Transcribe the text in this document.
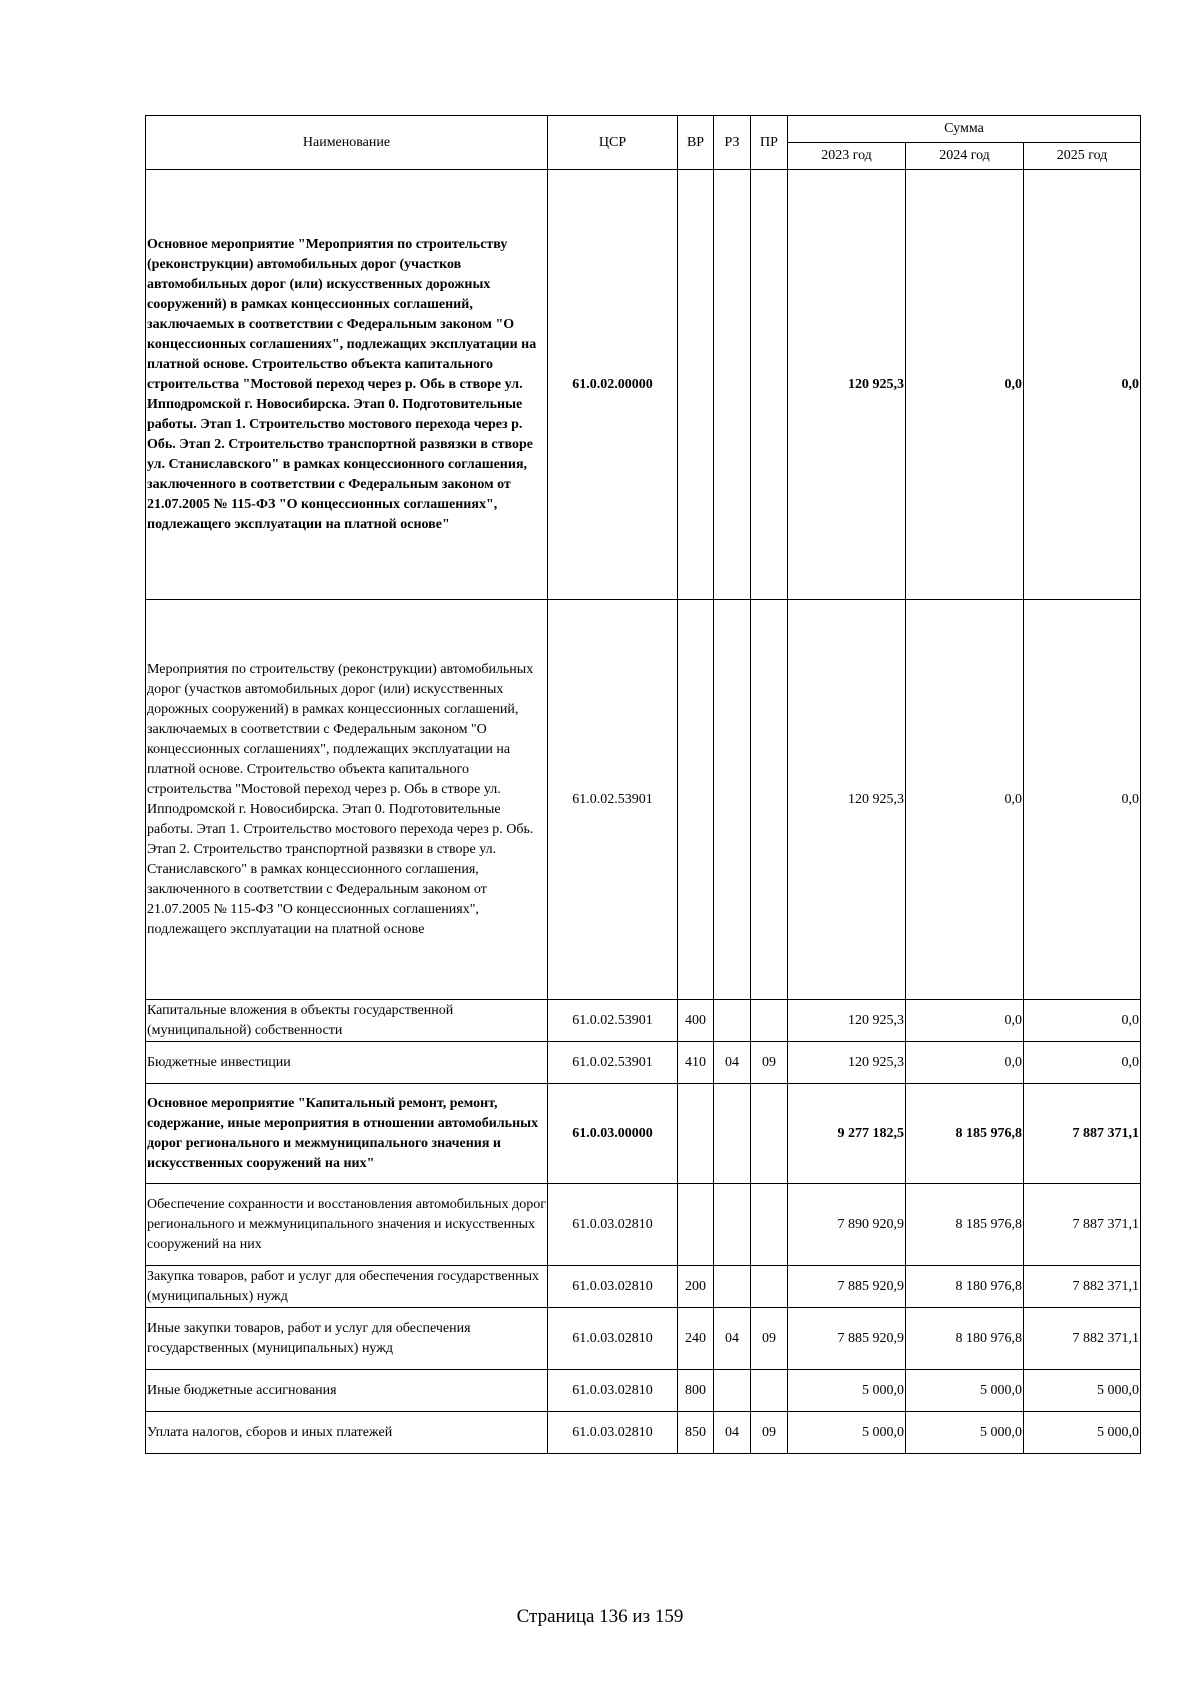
Наименование	ЦСР	ВР	РЗ	ПР	Сумма		
					2023 год	2024 год	2025 год
Основное мероприятие "Мероприятия по строительству (реконструкции) автомобильных дорог (участков автомобильных дорог (или) искусственных дорожных сооружений) в рамках концессионных соглашений, заключаемых в соответствии с Федеральным законом "О концессионных соглашениях", подлежащих эксплуатации на платной основе. Строительство объекта капитального строительства "Мостовой переход через р. Обь в створе ул. Ипподромской г. Новосибирска. Этап 0. Подготовительные работы. Этап 1. Строительство мостового перехода через р. Обь. Этап 2. Строительство транспортной развязки в створе ул. Станиславского" в рамках концессионного соглашения, заключенного в соответствии с Федеральным законом от 21.07.2005 № 115-ФЗ "О концессионных соглашениях", подлежащего эксплуатации на платной основе"	61.0.02.00000				120 925,3	0,0	0,0
Мероприятия по строительству (реконструкции) автомобильных дорог (участков автомобильных дорог (или) искусственных дорожных сооружений) в рамках концессионных соглашений, заключаемых в соответствии с Федеральным законом "О концессионных соглашениях", подлежащих эксплуатации на платной основе. Строительство объекта капитального строительства "Мостовой переход через р. Обь в створе ул. Ипподромской г. Новосибирска. Этап 0. Подготовительные работы. Этап 1. Строительство мостового перехода через р. Обь. Этап 2. Строительство транспортной развязки в створе ул. Станиславского" в рамках концессионного соглашения, заключенного в соответствии с Федеральным законом от 21.07.2005 № 115-ФЗ "О концессионных соглашениях", подлежащего эксплуатации на платной основе	61.0.02.53901				120 925,3	0,0	0,0
Капитальные вложения в объекты государственной (муниципальной) собственности	61.0.02.53901	400			120 925,3	0,0	0,0
Бюджетные инвестиции	61.0.02.53901	410	04	09	120 925,3	0,0	0,0
Основное мероприятие "Капитальный ремонт, ремонт, содержание, иные мероприятия в отношении автомобильных дорог регионального и межмуниципального значения и искусственных сооружений на них"	61.0.03.00000				9 277 182,5	8 185 976,8	7 887 371,1
Обеспечение сохранности и восстановления автомобильных дорог регионального и межмуниципального значения и искусственных сооружений на них	61.0.03.02810				7 890 920,9	8 185 976,8	7 887 371,1
Закупка товаров, работ и услуг для обеспечения государственных (муниципальных) нужд	61.0.03.02810	200			7 885 920,9	8 180 976,8	7 882 371,1
Иные закупки товаров, работ и услуг для обеспечения государственных (муниципальных) нужд	61.0.03.02810	240	04	09	7 885 920,9	8 180 976,8	7 882 371,1
Иные бюджетные ассигнования	61.0.03.02810	800			5 000,0	5 000,0	5 000,0
Уплата налогов, сборов и иных платежей	61.0.03.02810	850	04	09	5 000,0	5 000,0	5 000,0
Страница 136 из 159
